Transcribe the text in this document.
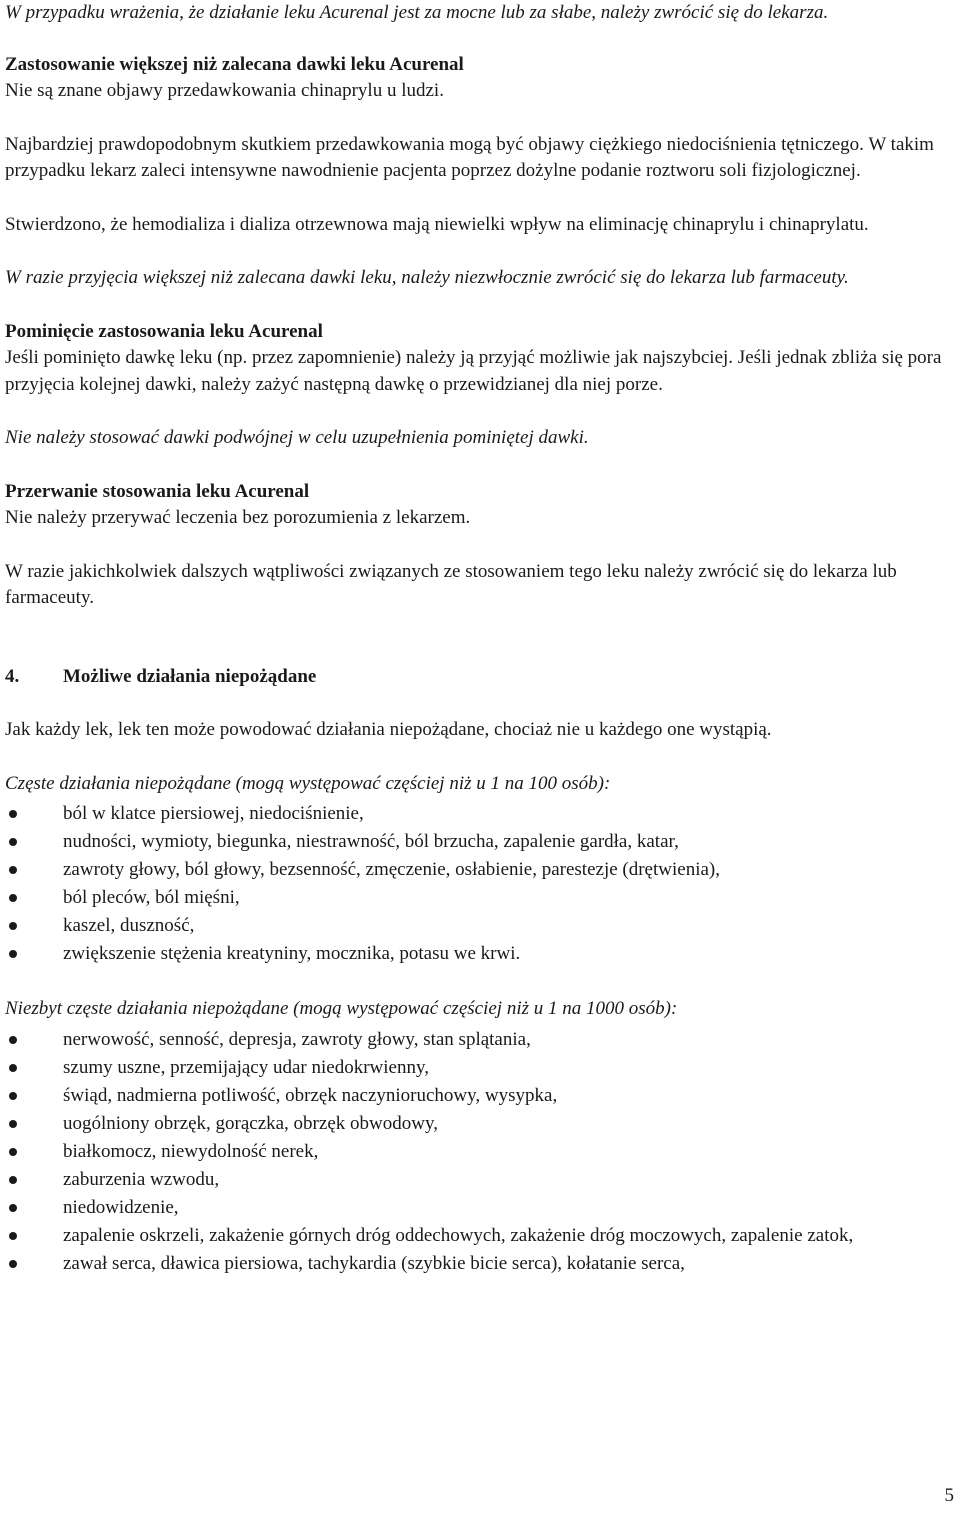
W przypadku wrażenia, że działanie leku Acurenal jest za mocne lub za słabe, należy zwrócić się do lekarza.

Zastosowanie większej niż zalecana dawki leku Acurenal

Nie są znane objawy przedawkowania chinaprylu u ludzi.

Najbardziej prawdopodobnym skutkiem przedawkowania mogą być objawy ciężkiego niedociśnienia tętniczego. W takim przypadku lekarz zaleci intensywne nawodnienie pacjenta poprzez dożylne podanie roztworu soli fizjologicznej.

Stwierdzono, że hemodializa i dializa otrzewnowa mają niewielki wpływ na eliminację chinaprylu i chinaprylatu.

W razie przyjęcia większej niż zalecana dawki leku, należy niezwłocznie zwrócić się do lekarza lub farmaceuty.

Pominięcie zastosowania leku Acurenal

Jeśli pominięto dawkę leku (np. przez zapomnienie) należy ją przyjąć możliwie jak najszybciej. Jeśli jednak zbliża się pora przyjęcia kolejnej dawki, należy zażyć następną dawkę o przewidzianej dla niej porze.

Nie należy stosować dawki podwójnej w celu uzupełnienia pominiętej dawki.

Przerwanie stosowania leku Acurenal

Nie należy przerywać leczenia bez porozumienia z lekarzem.

W razie jakichkolwiek dalszych wątpliwości związanych ze stosowaniem tego leku należy zwrócić się do lekarza lub farmaceuty.

4.	Możliwe działania niepożądane

Jak każdy lek, lek ten może powodować działania niepożądane, chociaż nie u każdego one wystąpią.

Częste działania niepożądane (mogą występować częściej niż u 1 na 100 osób):

ból w klatce piersiowej, niedociśnienie,
nudności, wymioty, biegunka, niestrawność, ból brzucha, zapalenie gardła, katar,
zawroty głowy, ból głowy, bezsenność, zmęczenie, osłabienie, parestezje (drętwienia),
ból pleców, ból mięśni,
kaszel, duszność,
zwiększenie stężenia kreatyniny, mocznika, potasu we krwi.

Niezbyt częste działania niepożądane (mogą występować częściej niż u 1 na 1000 osób):

nerwowość, senność, depresja, zawroty głowy, stan splątania,
szumy uszne, przemijający udar niedokrwienny,
świąd, nadmierna potliwość, obrzęk naczynioruchowy, wysypka,
uogólniony obrzęk, gorączka, obrzęk obwodowy,
białkomocz, niewydolność nerek,
zaburzenia wzwodu,
niedowidzenie,
zapalenie oskrzeli, zakażenie górnych dróg oddechowych, zakażenie dróg moczowych, zapalenie zatok,
zawał serca, dławica piersiowa, tachykardia (szybkie bicie serca), kołatanie serca,
5
